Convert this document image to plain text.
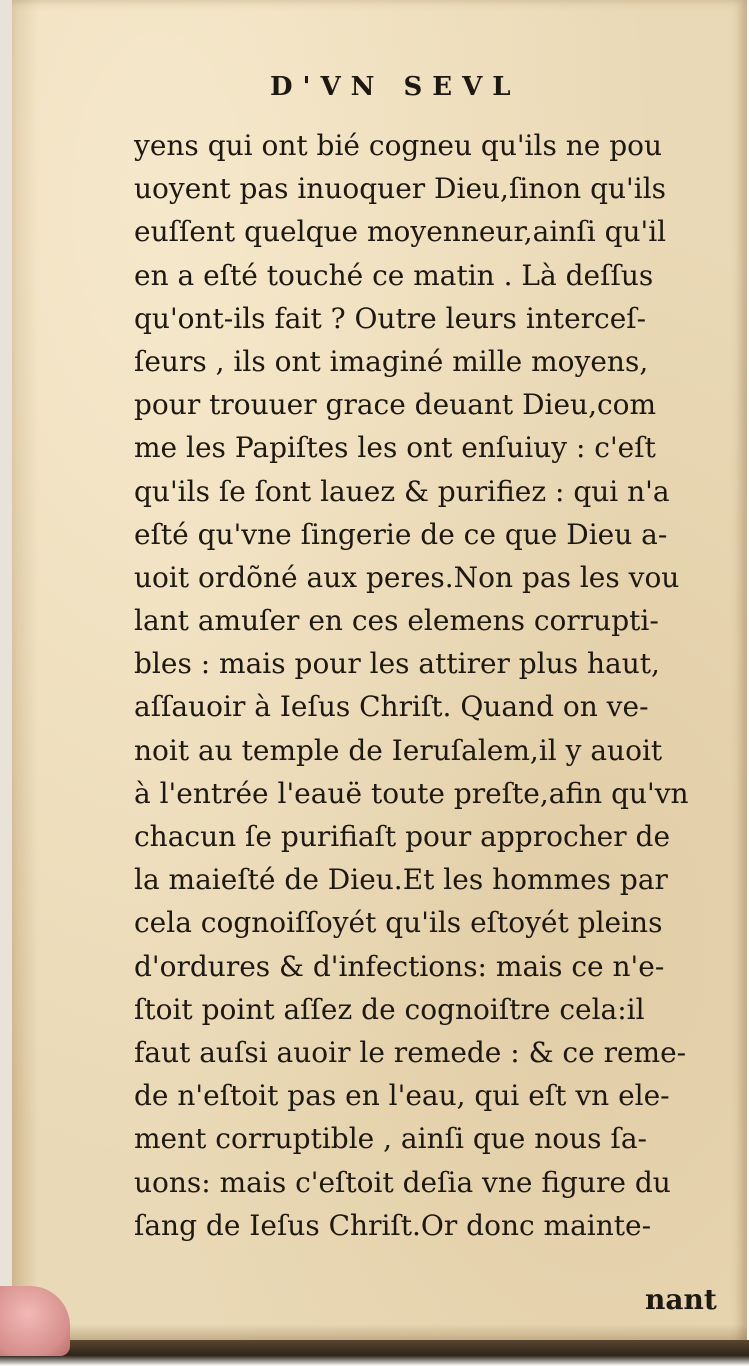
D'VN SEVL
yens qui ont bié cogneu qu'ils ne pou
uoyent pas inuoquer Dieu,ſinon qu'ils
euſſent quelque moyenneur,ainſi qu'il
en a eſté touché ce matin . Là deſſus
qu'ont-ils fait ? Outre leurs interceſ-
ſeurs , ils ont imaginé mille moyens,
pour trouuer grace deuant Dieu,com
me les Papiſtes les ont enſuiuy : c'eſt
qu'ils ſe ſont lauez & purifiez : qui n'a
eſté qu'vne ſingerie de ce que Dieu a-
uoit ordõné aux peres.Non pas les vou
lant amuſer en ces elemens corrupti-
bles : mais pour les attirer plus haut,
aſſauoir à Ieſus Chriſt. Quand on ve-
noit au temple de Ieruſalem,il y auoit
à l'entrée l'eauë toute preſte,afin qu'vn
chacun ſe purifiaſt pour approcher de
la maieſté de Dieu.Et les hommes par
cela cognoiſſoyét qu'ils eſtoyét pleins
d'ordures & d'infections: mais ce n'e-
ſtoit point aſſez de cognoiſtre cela:il
faut auſsi auoir le remede : & ce reme-
de n'eſtoit pas en l'eau, qui eſt vn ele-
ment corruptible , ainſi que nous ſa-
uons: mais c'eſtoit deſia vne figure du
ſang de Ieſus Chriſt.Or donc mainte-
nant
